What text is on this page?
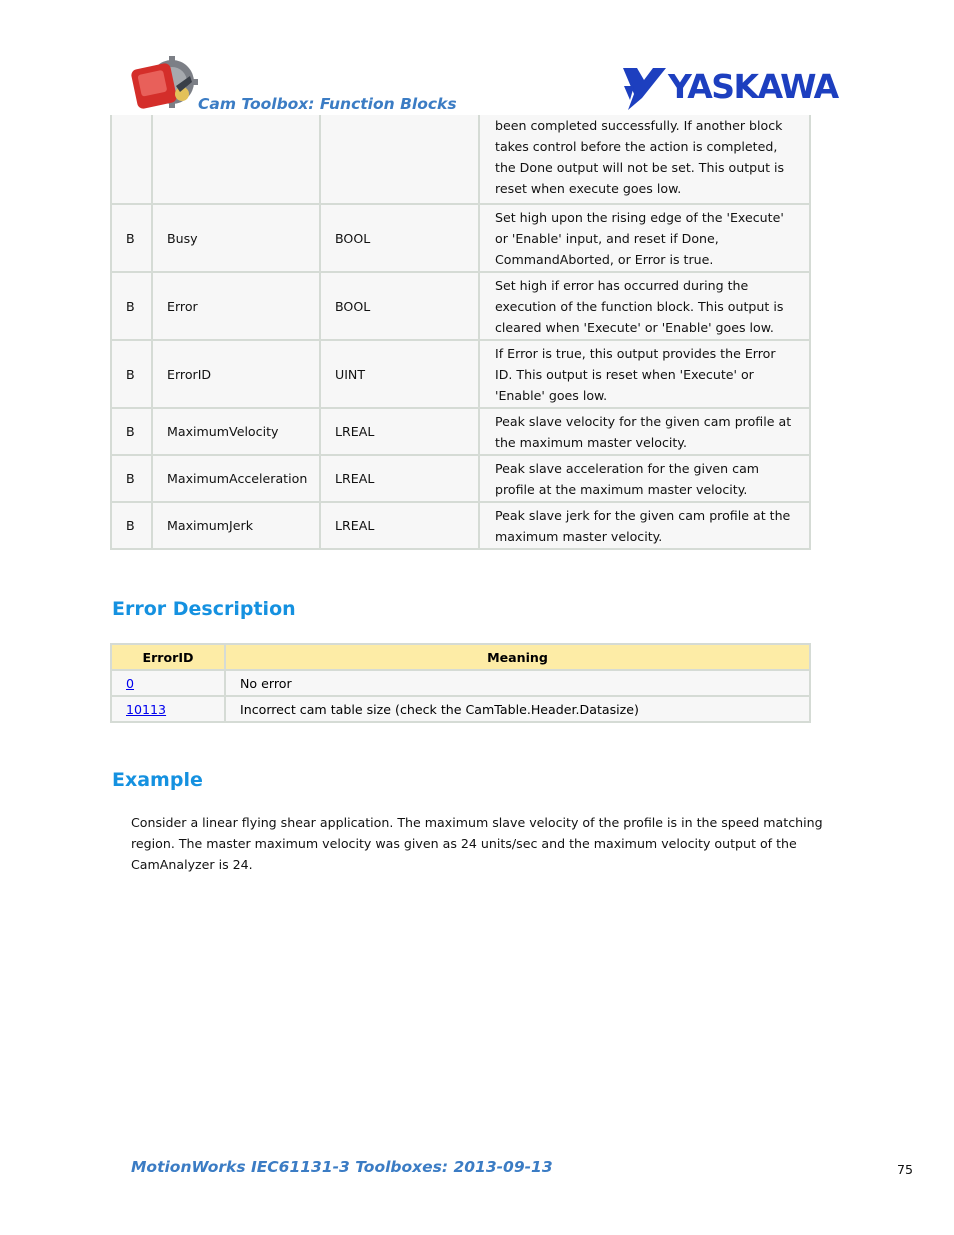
Cam Toolbox: Function Blocks	YASKAWA
			been completed successfully. If another block takes control before the action is completed, the Done output will not be set. This output is reset when execute goes low.
B	Busy	BOOL	Set high upon the rising edge of the 'Execute' or 'Enable' input, and reset if Done, CommandAborted, or Error is true.
B	Error	BOOL	Set high if error has occurred during the execution of the function block. This output is cleared when 'Execute' or 'Enable' goes low.
B	ErrorID	UINT	If Error is true, this output provides the Error ID. This output is reset when 'Execute' or 'Enable' goes low.
B	MaximumVelocity	LREAL	Peak slave velocity for the given cam profile at the maximum master velocity.
B	MaximumAcceleration	LREAL	Peak slave acceleration for the given cam profile at the maximum master velocity.
B	MaximumJerk	LREAL	Peak slave jerk for the given cam profile at the maximum master velocity.
Error Description
ErrorID	Meaning
0	No error
10113	Incorrect cam table size (check the CamTable.Header.Datasize)
Example
Consider a linear flying shear application. The maximum slave velocity of the profile is in the speed matching region. The master maximum velocity was given as 24 units/sec and the maximum velocity output of the CamAnalyzer is 24.
MotionWorks IEC61131-3 Toolboxes: 2013-09-13	75
